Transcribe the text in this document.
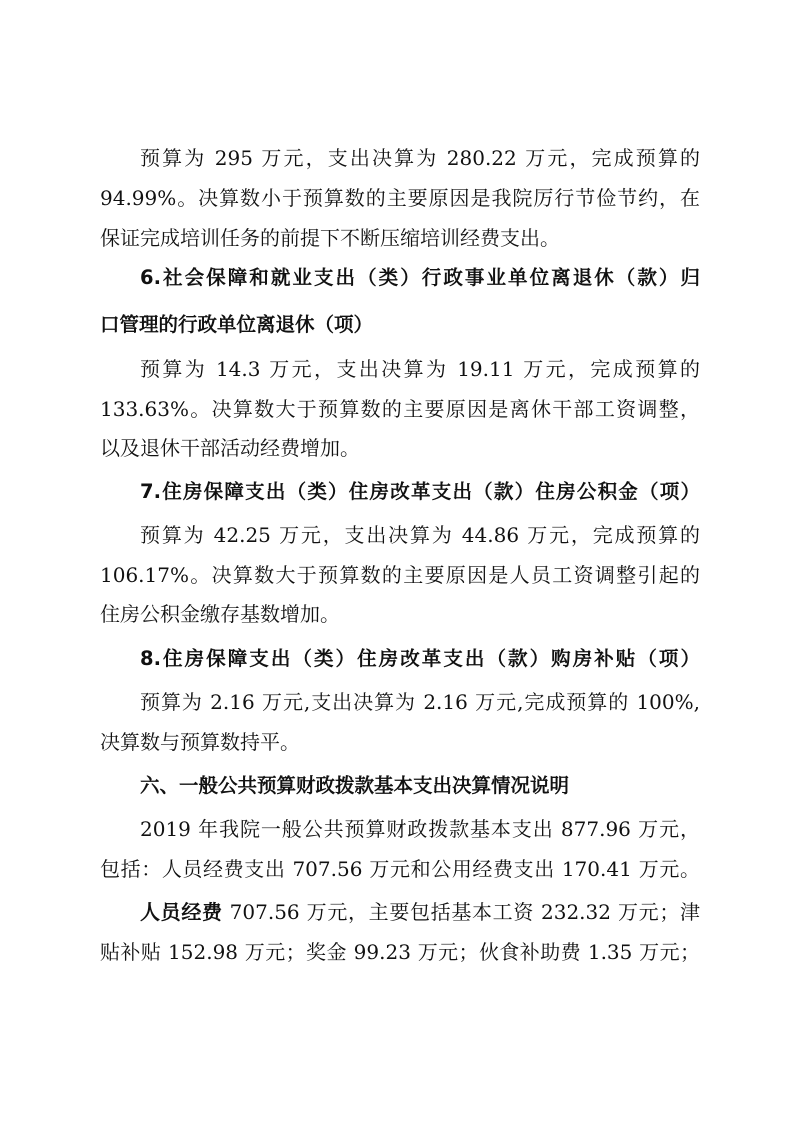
预算为 295 万元，支出决算为 280.22 万元，完成预算的
94.99%。决算数小于预算数的主要原因是我院厉行节俭节约，在
保证完成培训任务的前提下不断压缩培训经费支出。
6.社会保障和就业支出（类）行政事业单位离退休（款）归
口管理的行政单位离退休（项）
预算为 14.3 万元，支出决算为 19.11 万元，完成预算的
133.63%。决算数大于预算数的主要原因是离休干部工资调整，
以及退休干部活动经费增加。
7.住房保障支出（类）住房改革支出（款）住房公积金（项）
预算为 42.25 万元，支出决算为 44.86 万元，完成预算的
106.17%。决算数大于预算数的主要原因是人员工资调整引起的
住房公积金缴存基数增加。
8.住房保障支出（类）住房改革支出（款）购房补贴（项）
预算为 2.16 万元,支出决算为 2.16 万元,完成预算的 100%,
决算数与预算数持平。
六、一般公共预算财政拨款基本支出决算情况说明
2019 年我院一般公共预算财政拨款基本支出 877.96 万元，
包括：人员经费支出 707.56 万元和公用经费支出 170.41 万元。
人员经费 707.56 万元，主要包括基本工资 232.32 万元；津
贴补贴 152.98 万元；奖金 99.23 万元；伙食补助费 1.35 万元；
